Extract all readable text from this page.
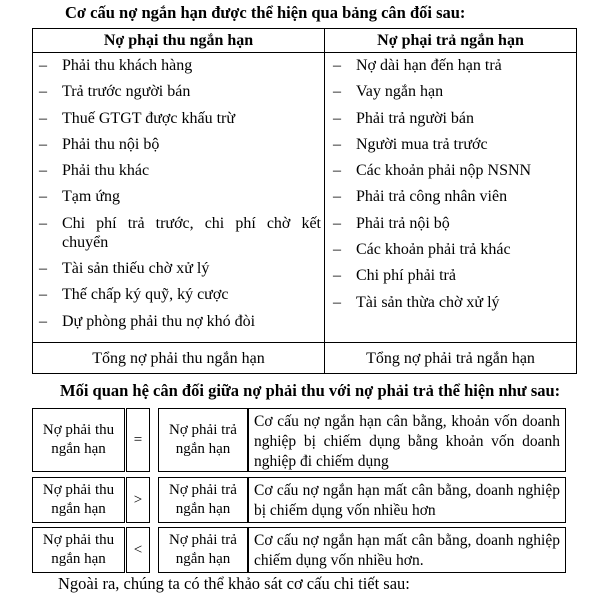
Cơ cấu nợ ngắn hạn được thể hiện qua bảng cân đối sau:
Nợ phại thu ngắn hạn	Nợ phại trả ngắn hạn
– Phải thu khách hàng
– Trả trước người bán
– Thuế GTGT được khấu trừ
– Phải thu nội bộ
– Phải thu khác
– Tạm ứng
– Chi phí trả trước, chi phí chờ kết chuyển
– Tài sản thiếu chờ xử lý
– Thế chấp ký quỹ, ký cược
– Dự phòng phải thu nợ khó đòi
– Nợ dài hạn đến hạn trả
– Vay ngắn hạn
– Phải trả người bán
– Người mua trả trước
– Các khoản phải nộp NSNN
– Phải trả công nhân viên
– Phải trả nội bộ
– Các khoản phải trả khác
– Chi phí phải trả
– Tài sản thừa chờ xử lý
Tổng nợ phải thu ngắn hạn	Tổng nợ phải trả ngắn hạn
Mối quan hệ cân đối giữa nợ phải thu với nợ phải trả thể hiện như sau:
Nợ phải thu ngắn hạn
=
Nợ phải trả ngắn hạn
Cơ cấu nợ ngắn hạn cân bằng, khoản vốn doanh nghiệp bị chiếm dụng bằng khoản vốn doanh nghiệp đi chiếm dụng
Nợ phải thu ngắn hạn
>
Nợ phải trả ngắn hạn
Cơ cấu nợ ngắn hạn mất cân bằng, doanh nghiệp bị chiếm dụng vốn nhiều hơn
Nợ phải thu ngắn hạn
<
Nợ phải trả ngắn hạn
Cơ cấu nợ ngắn hạn mất cân bằng, doanh nghiệp chiếm dụng vốn nhiều hơn.
Ngoài ra, chúng ta có thể khảo sát cơ cấu chi tiết sau:
